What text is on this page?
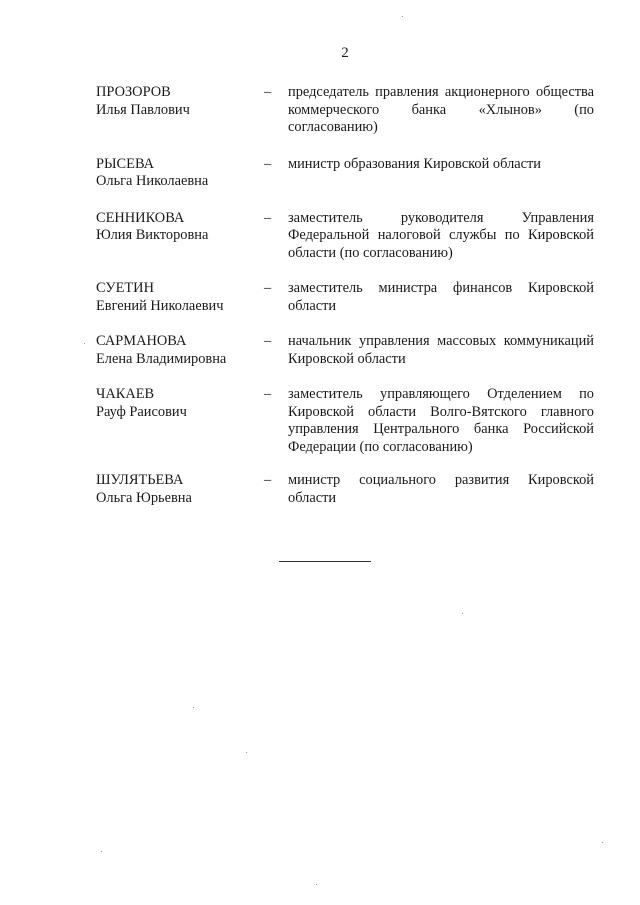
2
ПРОЗОРОВ
Илья Павлович
–	председатель правления акционерного общества коммерческого банка «Хлынов» (по согласованию)
РЫСЕВА
Ольга Николаевна
–	министр образования Кировской области
СЕННИКОВА
Юлия Викторовна
–	заместитель руководителя Управления Федеральной налоговой службы по Кировской области (по согласованию)
СУЕТИН
Евгений Николаевич
–	заместитель министра финансов Кировской области
САРМАНОВА
Елена Владимировна
–	начальник управления массовых коммуникаций Кировской области
ЧАКАЕВ
Рауф Раисович
–	заместитель управляющего Отделением по Кировской области Волго-Вятского главного управления Центрального банка Российской Федерации (по согласованию)
ШУЛЯТЬЕВА
Ольга Юрьевна
–	министр социального развития Кировской области
